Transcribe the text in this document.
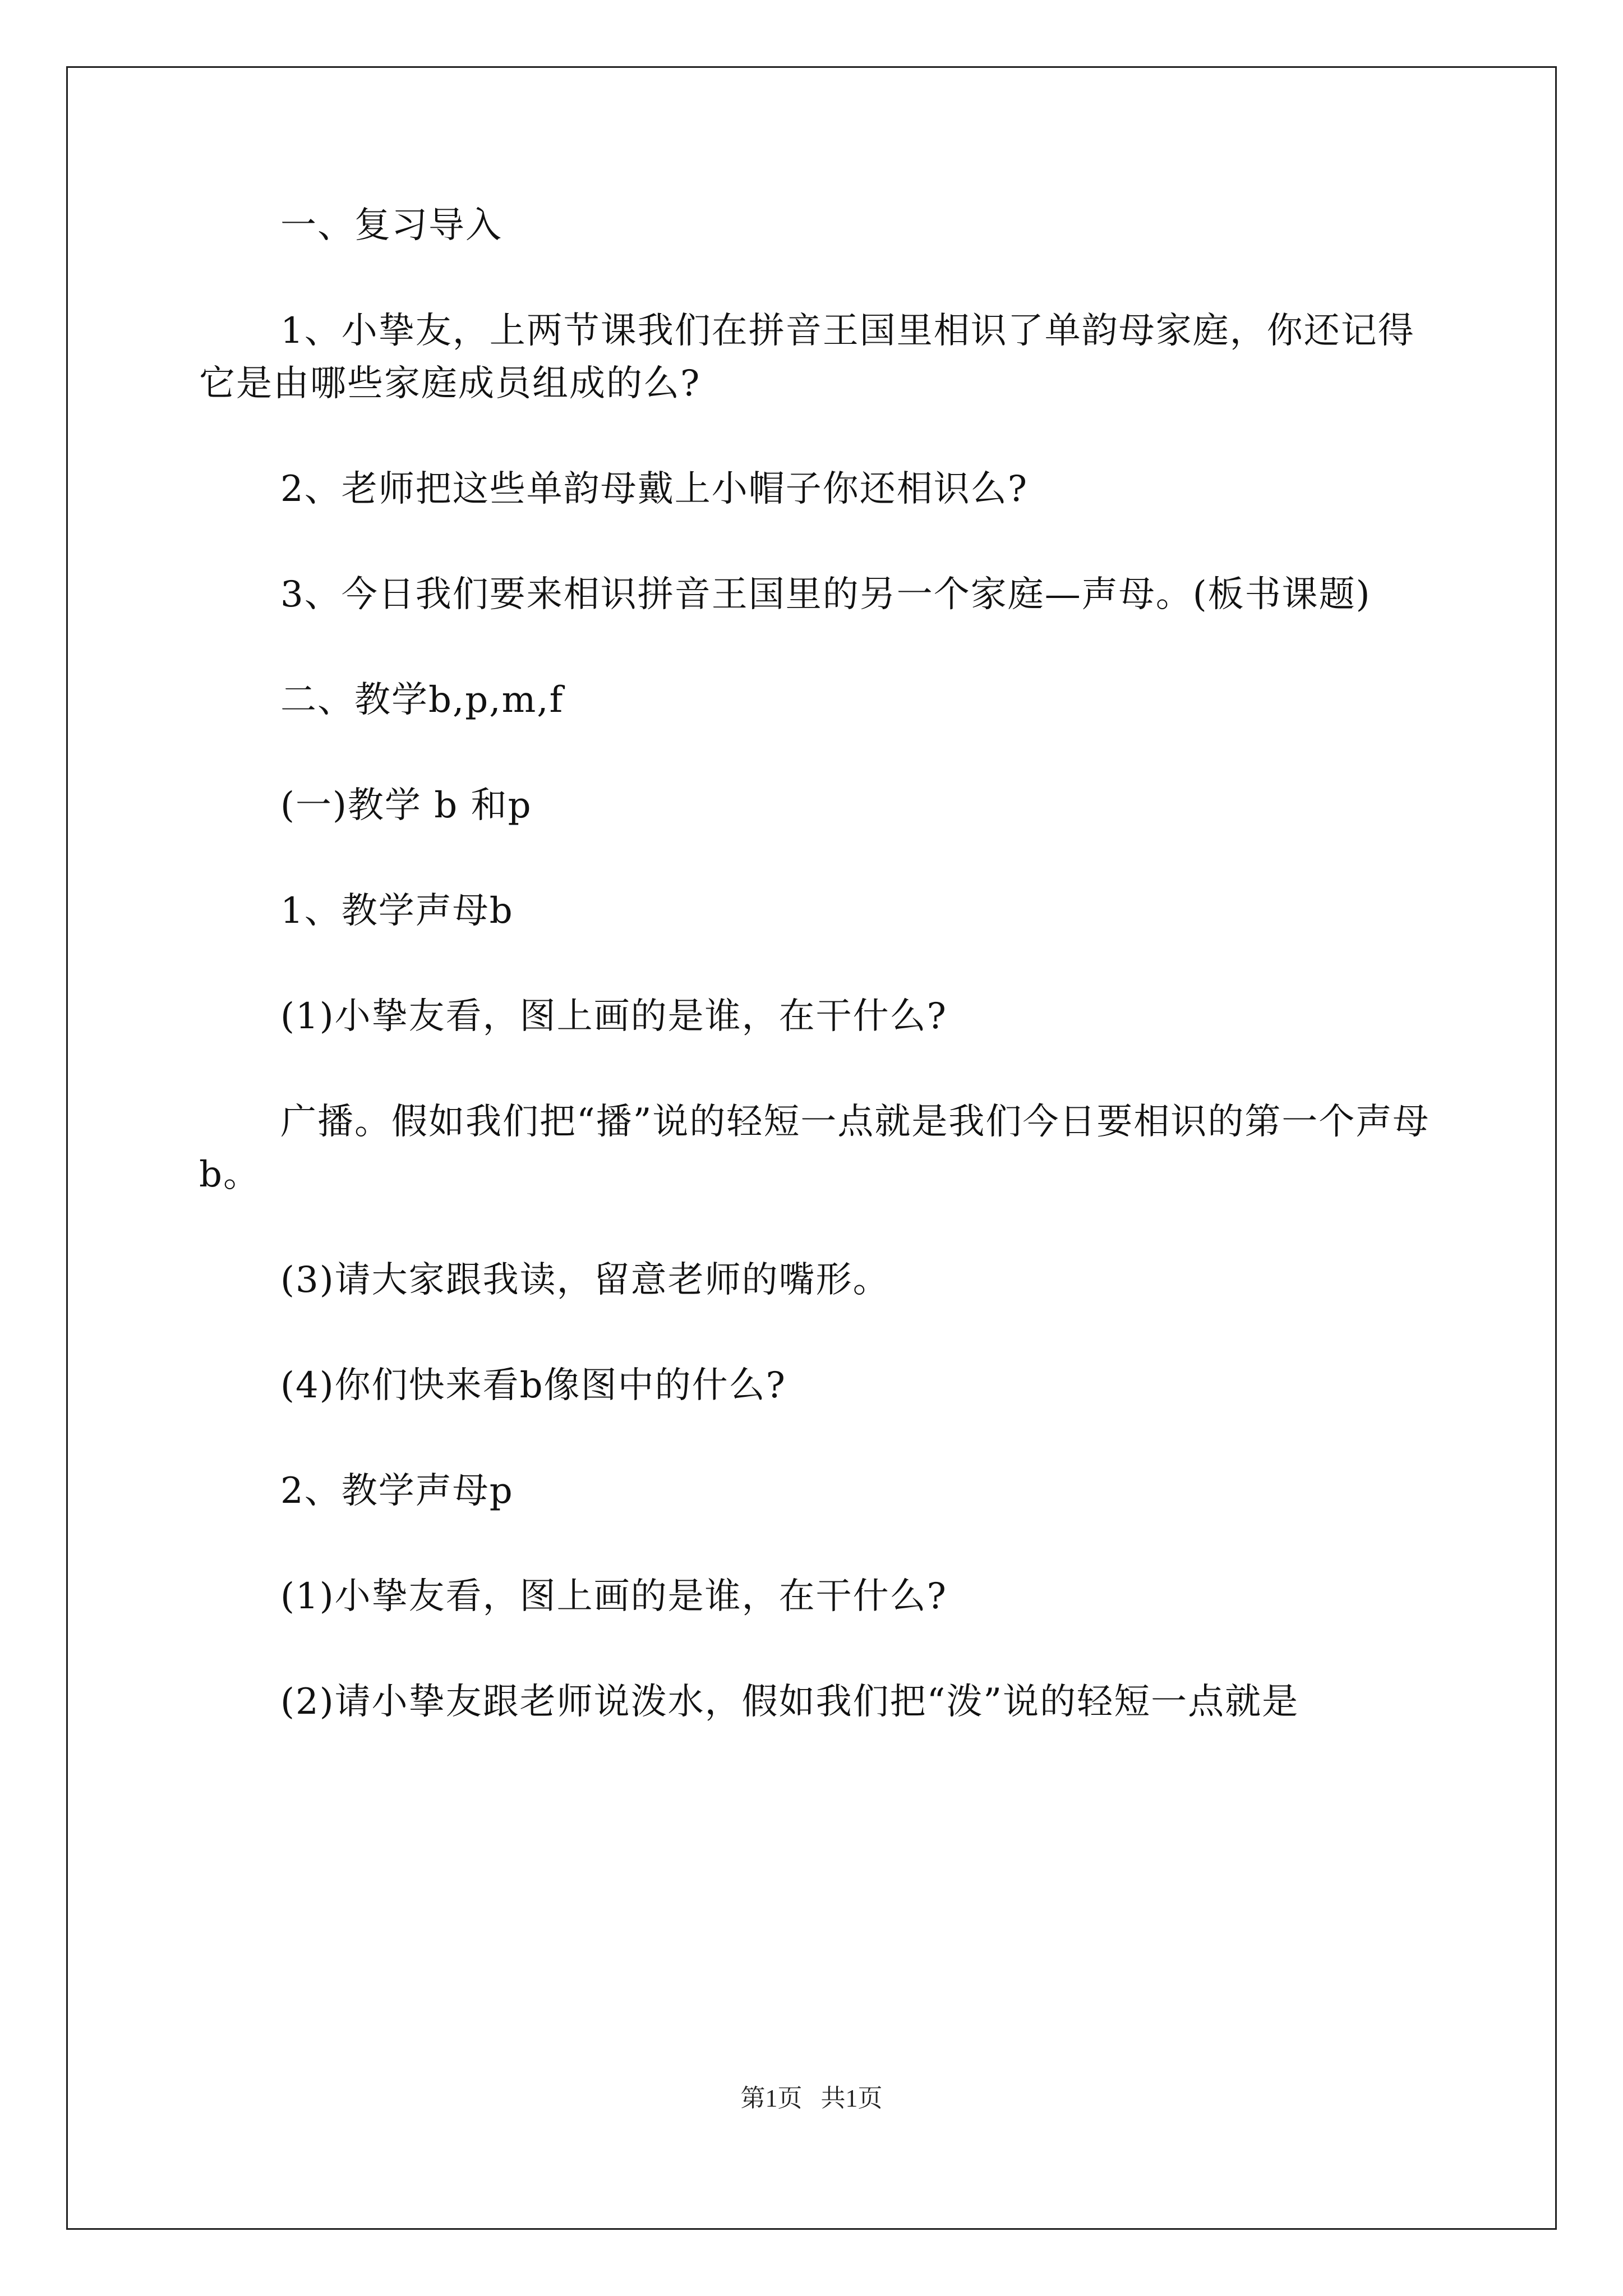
一、复习导入

1、小挚友，上两节课我们在拼音王国里相识了单韵母家庭，你还记得它是由哪些家庭成员组成的么?

2、老师把这些单韵母戴上小帽子你还相识么?

3、今日我们要来相识拼音王国里的另一个家庭—声母。(板书课题)

二、教学b,p,m,f

(一)教学 b 和p

1、教学声母b

(1)小挚友看，图上画的是谁，在干什么?

广播。假如我们把“播”说的轻短一点就是我们今日要相识的第一个声母b。

(3)请大家跟我读，留意老师的嘴形。

(4)你们快来看b像图中的什么?

2、教学声母p

(1)小挚友看，图上画的是谁，在干什么?

(2)请小挚友跟老师说泼水，假如我们把“泼”说的轻短一点就是

第1页 共1页
